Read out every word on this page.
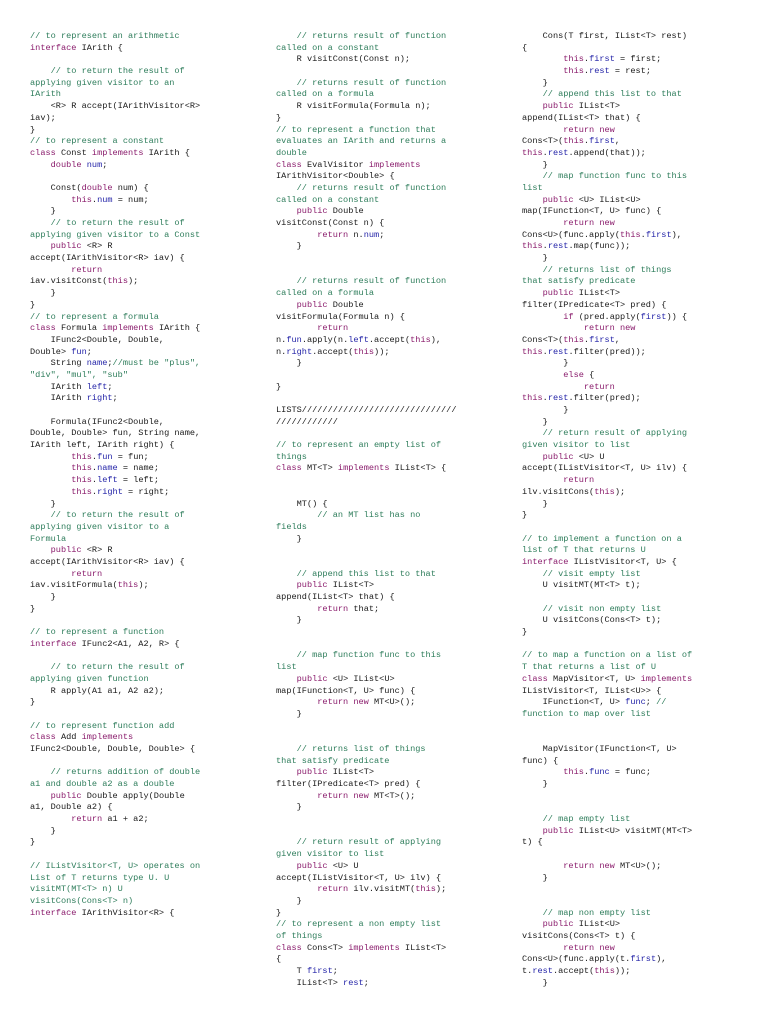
// to represent an arithmetic
interface IArith {
// to return the result of
applying given visitor to an
IArith
<R> R accept(IArithVisitor<R>
iav);
}
// to represent a constant
class Const implements IArith {
double num;
Const(double num) {
this.num = num;
}
// to return the result of
applying given visitor to a Const
public <R> R
accept(IArithVisitor<R> iav) {
return
iav.visitConst(this);
}
}
// to represent a formula
class Formula implements IArith {
IFunc2<Double, Double,
Double> fun;
String name;//must be "plus",
"div", "mul", "sub"
IArith left;
IArith right;
Formula(IFunc2<Double,
Double, Double> fun, String name,
IArith left, IArith right) {
this.fun = fun;
this.name = name;
this.left = left;
this.right = right;
}
// to return the result of
applying given visitor to a
Formula
public <R> R
accept(IArithVisitor<R> iav) {
return
iav.visitFormula(this);
}
}
// to represent a function
interface IFunc2<A1, A2, R> {
// to return the result of
applying given function
R apply(A1 a1, A2 a2);
}
// to represent function add
class Add implements
IFunc2<Double, Double, Double> {
// returns addition of double
a1 and double a2 as a double
public Double apply(Double
a1, Double a2) {
return a1 + a2;
}
}
// IListVisitor<T, U> operates on
List of T returns type U. U
visitMT(MT<T> n) U
visitCons(Cons<T> n)
interface IArithVisitor<R> {
// returns result of function
called on a constant
R visitConst(Const n);
// returns result of function
called on a formula
R visitFormula(Formula n);
}
// to represent a function that
evaluates an IArith and returns a
double
class EvalVisitor implements
IArithVisitor<Double> {
// returns result of function
called on a constant
public Double
visitConst(Const n) {
return n.num;
}
// returns result of function
called on a formula
public Double
visitFormula(Formula n) {
return
n.fun.apply(n.left.accept(this),
n.right.accept(this));
}
}
LISTS//////////////////////////////
////////////
// to represent an empty list of
things
class MT<T> implements IList<T> {
MT() {
// an MT list has no
fields
}
// append this list to that
public IList<T>
append(IList<T> that) {
return that;
}
// map function func to this
list
public <U> IList<U>
map(IFunction<T, U> func) {
return new MT<U>();
}
// returns list of things
that satisfy predicate
public IList<T>
filter(IPredicate<T> pred) {
return new MT<T>();
}
// return result of applying
given visitor to list
public <U> U
accept(IListVisitor<T, U> ilv) {
return ilv.visitMT(this);
}
}
// to represent a non empty list
of things
class Cons<T> implements IList<T>
{
T first;
IList<T> rest;
Cons(T first, IList<T> rest)
{
this.first = first;
this.rest = rest;
}
// append this list to that
public IList<T>
append(IList<T> that) {
return new
Cons<T>(this.first,
this.rest.append(that));
}
// map function func to this
list
public <U> IList<U>
map(IFunction<T, U> func) {
return new
Cons<U>(func.apply(this.first),
this.rest.map(func));
}
// returns list of things
that satisfy predicate
public IList<T>
filter(IPredicate<T> pred) {
if (pred.apply(first)) {
return new
Cons<T>(this.first,
this.rest.filter(pred));
}
else {
return
this.rest.filter(pred);
}
}
// return result of applying
given visitor to list
public <U> U
accept(IListVisitor<T, U> ilv) {
return
ilv.visitCons(this);
}
}
// to implement a function on a
list of T that returns U
interface IListVisitor<T, U> {
// visit empty list
U visitMT(MT<T> t);
// visit non empty list
U visitCons(Cons<T> t);
}
// to map a function on a list of
T that returns a list of U
class MapVisitor<T, U> implements
IListVisitor<T, IList<U>> {
IFunction<T, U> func; //
function to map over list
MapVisitor(IFunction<T, U>
func) {
this.func = func;
}
// map empty list
public IList<U> visitMT(MT<T>
t) {
return new MT<U>();
}
// map non empty list
public IList<U>
visitCons(Cons<T> t) {
return new
Cons<U>(func.apply(t.first),
t.rest.accept(this));
}
